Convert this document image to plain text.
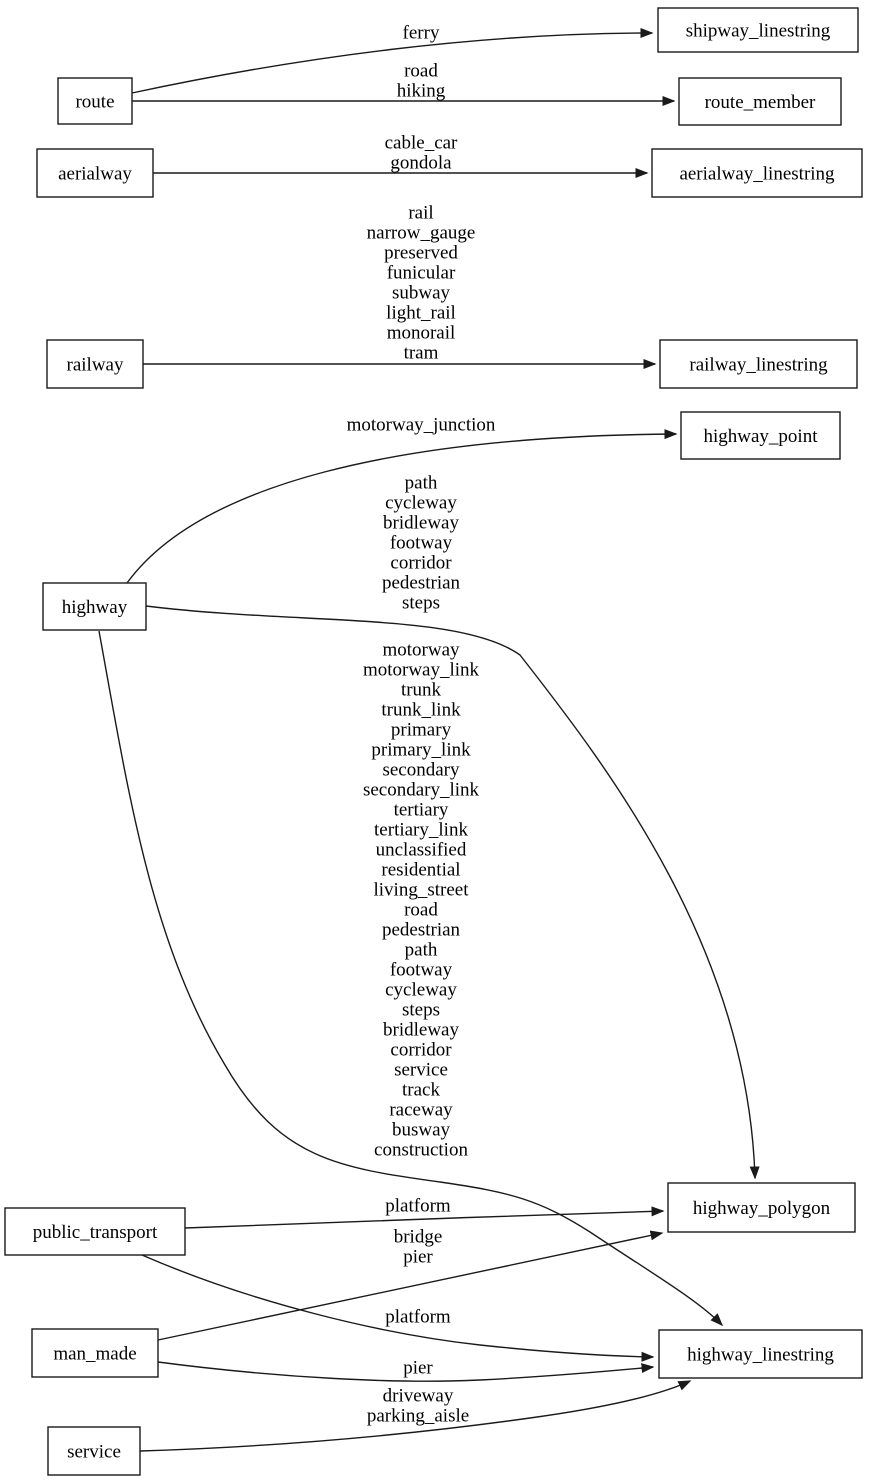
ferry
road
hiking
cable_car
gondola
rail
narrow_gauge
preserved
funicular
subway
light_rail
monorail
tram
motorway_junction
path
cycleway
bridleway
footway
corridor
pedestrian
steps
motorway
motorway_link
trunk
trunk_link
primary
primary_link
secondary
secondary_link
tertiary
tertiary_link
unclassified
residential
living_street
road
pedestrian
path
footway
cycleway
steps
bridleway
corridor
service
track
raceway
busway
construction
platform
bridge
pier
platform
pier
driveway
parking_aisle
route
aerialway
railway
highway
public_transport
man_made
service
shipway_linestring
route_member
aerialway_linestring
railway_linestring
highway_point
highway_polygon
highway_linestring
